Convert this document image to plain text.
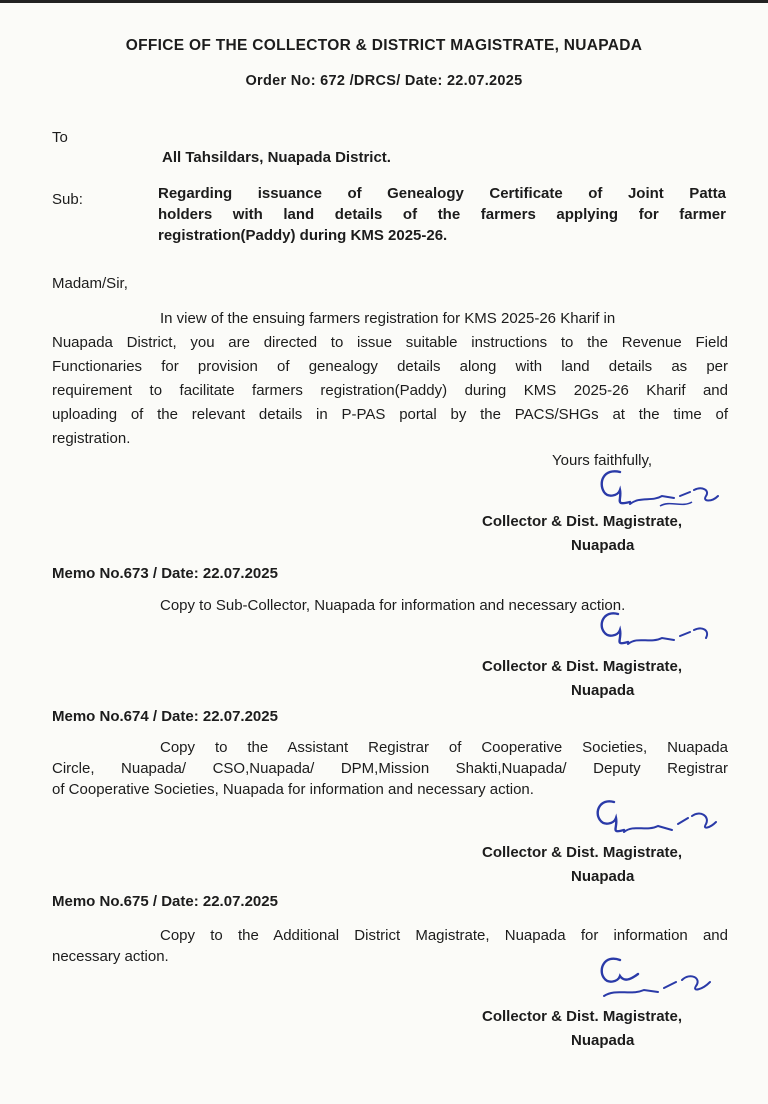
OFFICE OF THE COLLECTOR & DISTRICT MAGISTRATE, NUAPADA

Order No: 672 /DRCS/ Date: 22.07.2025

To

All Tahsildars, Nuapada District.

Sub:	Regarding issuance of Genealogy Certificate of Joint Patta
holders with land details of the farmers applying for farmer
registration(Paddy) during KMS 2025-26.

Madam/Sir,

In view of the ensuing farmers registration for KMS 2025-26 Kharif in
Nuapada District, you are directed to issue suitable instructions to the Revenue Field
Functionaries for provision of genealogy details along with land details as per
requirement to facilitate farmers registration(Paddy) during KMS 2025-26 Kharif and
uploading of the relevant details in P-PAS portal by the PACS/SHGs at the time of
registration.

Yours faithfully,

Collector & Dist. Magistrate,

Nuapada

Memo No.673 / Date: 22.07.2025

Copy to Sub-Collector, Nuapada for information and necessary action.

Collector & Dist. Magistrate,

Nuapada

Memo No.674 / Date: 22.07.2025

Copy to the Assistant Registrar of Cooperative Societies, Nuapada
Circle, Nuapada/ CSO,Nuapada/ DPM,Mission Shakti,Nuapada/ Deputy Registrar
of Cooperative Societies, Nuapada for information and necessary action.

Collector & Dist. Magistrate,

Nuapada

Memo No.675 / Date: 22.07.2025

Copy to the Additional District Magistrate, Nuapada for information and
necessary action.

Collector & Dist. Magistrate,

Nuapada
